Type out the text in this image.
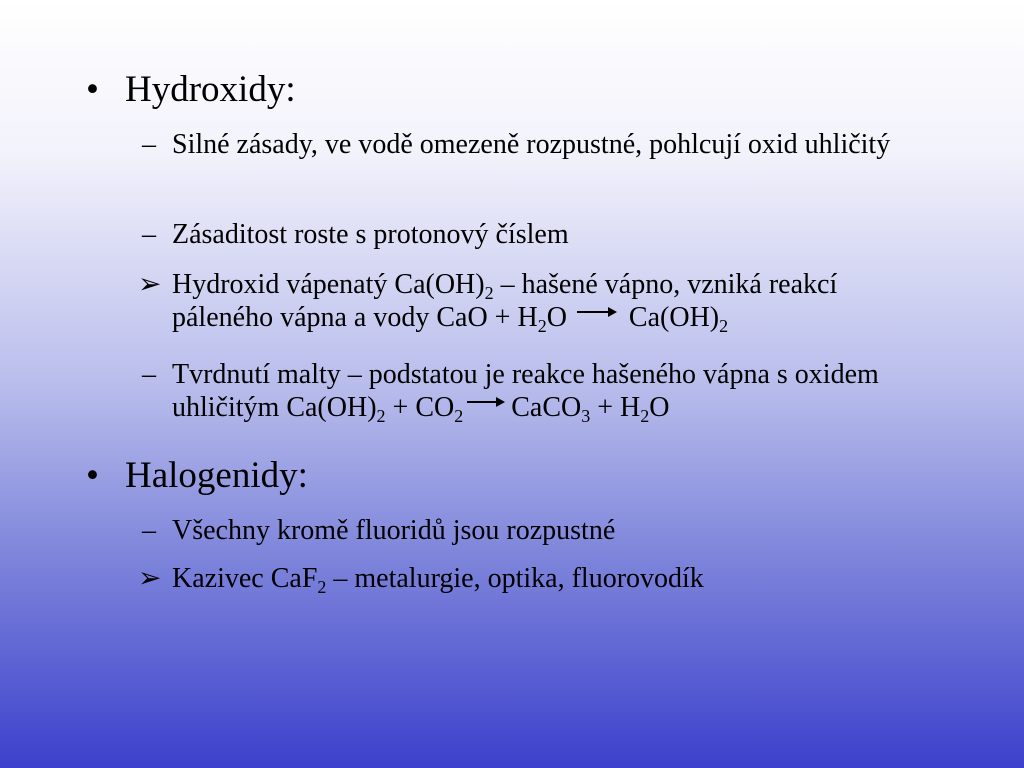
• Hydroxidy:
– Silné zásady, ve vodě omezeně rozpustné, pohlcují oxid uhličitý
– Zásaditost roste s protonový číslem
➢ Hydroxid vápenatý $Ca(OH)_2$ – hašené vápno, vzniká reakcí páleného vápna a vody CaO + $H_2O$ $Ca(OH)_2$
– Tvrdnutí malty – podstatou je reakce hašeného vápna s oxidem uhličitým $Ca(OH)_2 + CO_2$ CaCO$_3$ + $H_2O$
• Halogenidy:
– Všechny kromě fluoridů jsou rozpustné
➢ Kazivec CaF$_2$ – metalurgie, optika, fluorovodík
